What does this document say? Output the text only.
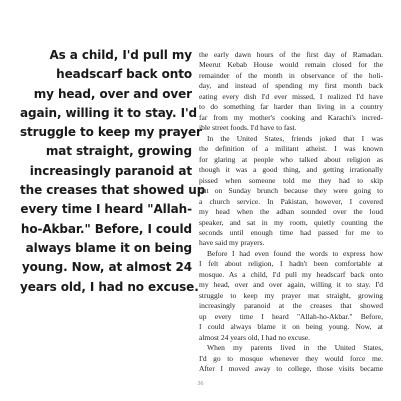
As a child, I'd pull my
headscarf back onto
my head, over and over
again, willing it to stay. I'd
struggle to keep my prayer
mat straight, growing
increasingly paranoid at
the creases that showed up
every time I heard "Allah-
ho-Akbar." Before, I could
always blame it on being
young. Now, at almost 24
years old, I had no excuse.
the early dawn hours of the first day of Ramadan.
Meerut Kebab House would remain closed for the
remainder of the month in observance of the holi-
day, and instead of spending my first month back
eating every dish I'd ever missed, I realized I'd have
to do something far harder than living in a country
far from my mother's cooking and Karachi's incred-
ible street foods. I'd have to fast.
In the United States, friends joked that I was
the definition of a militant atheist. I was known
for glaring at people who talked about religion as
though it was a good thing, and getting irrationally
pissed when someone told me they had to skip
out on Sunday brunch because they were going to
a church service. In Pakistan, however, I covered
my head when the adhan sounded over the loud
speaker, and sat in my room, quietly counting the
seconds until enough time had passed for me to
have said my prayers.
Before I had even found the words to express how
I felt about religion, I hadn't been comfortable at
mosque. As a child, I'd pull my headscarf back onto
my head, over and over again, willing it to stay. I'd
struggle to keep my prayer mat straight, growing
increasingly paranoid at the creases that showed
up every time I heard "Allah-ho-Akbar." Before,
I could always blame it on being young. Now, at
almost 24 years old, I had no excuse.
When my parents lived in the United States,
I'd go to mosque whenever they would force me.
After I moved away to college, those visits became
36
